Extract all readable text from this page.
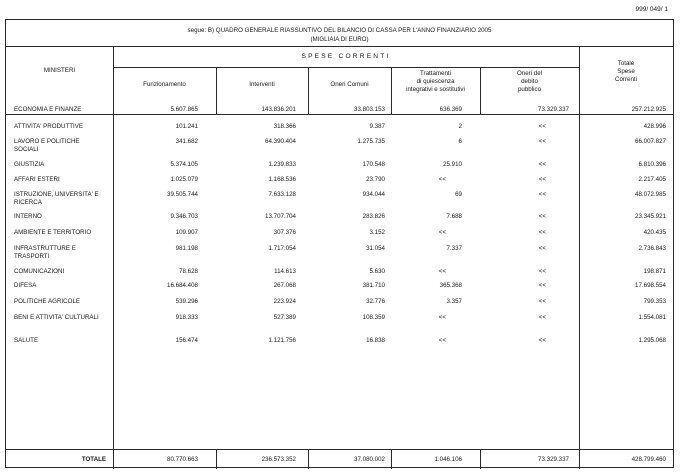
999/ 049/ 1
segue: B) QUADRO GENERALE RIASSUNTIVO DEL BILANCIO DI CASSA PER L'ANNO FINANZIARIO 2005
(MIGLIAIA DI EURO)
MINISTERI
SPESE CORRENTI
Funzionamento	Interventi	Oneri Comuni
Trattamenti
di quiescenza
integrativi e sostitutivi
Oneri del
debito
pubblico
Totale
Spese
Correnti
ECONOMIA E FINANZE	5.607.865	143.836.201	33.803.153	636.369	73.329.337	257.212.925
ATTIVITA' PRODUTTIVE	101.241	318.366	9.387	2	<<	428.996
LAVORO E POLITICHE
SOCIALI
341.682	64.390.404	1.275.735	6	<<	66.007.827
GIUSTIZIA	5.374.105	1.239.833	170.548	25.910	<<	6.810.396
AFFARI ESTERI	1.025.079	1.168.536	23.790	<<	<<	2.217.405
ISTRUZIONE, UNIVERSITA' E
RICERCA
39.505.744	7.633.128	934.044	69	<<	48.072.985
INTERNO	9.346.703	13.707.704	283.826	7.688	<<	23.345.921
AMBIENTE E TERRITORIO	109.907	307.376	3.152	<<	<<	420.435
INFRASTRUTTURE E
TRASPORTI
981.198	1.717.054	31.054	7.337	<<	2.736.843
COMUNICAZIONI	78.628	114.613	5.630	<<	<<	198.871
DIFESA	16.684.408	267.068	381.710	365.368	<<	17.698.554
POLITICHE AGRICOLE	539.296	223.924	32.776	3.357	<<	799.353
BENI E ATTIVITA' CULTURALI	918.333	527.389	108.359	<<	<<	1.554.081
SALUTE	156.474	1.121.756	16.838	<<	<<	1.295.068
TOTALE	80.770.663	236.573.352	37.080.002	1.046.106	73.329.337	428.799.460
